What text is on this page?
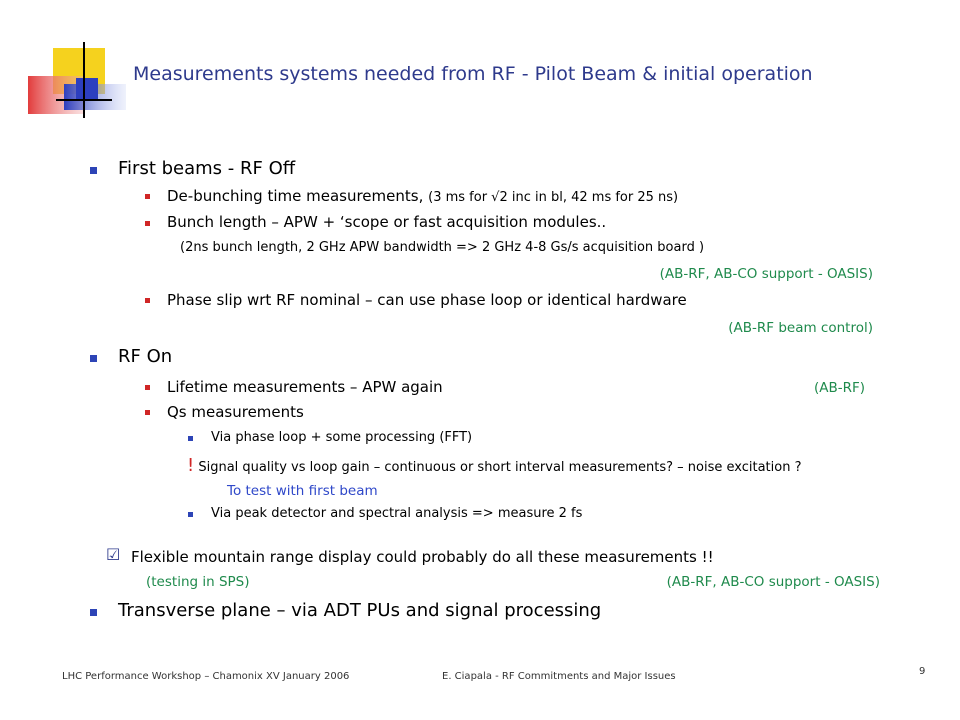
Measurements systems needed from RF - Pilot Beam & initial operation
First beams - RF Off
De-bunching time measurements, (3 ms for √2 inc in bl, 42 ms for 25 ns)
Bunch length – APW + ‘scope or fast acquisition modules..
(2ns bunch length, 2 GHz APW bandwidth => 2 GHz 4-8 Gs/s acquisition board )
(AB-RF, AB-CO support - OASIS)
Phase slip wrt RF nominal – can use phase loop or identical hardware
(AB-RF beam control)
RF On
Lifetime measurements – APW again	(AB-RF)
Qs measurements
Via phase loop + some processing (FFT)
! Signal quality vs loop gain – continuous or short interval measurements? – noise excitation ?
To test with first beam
Via peak detector and spectral analysis => measure 2 fs
☑ Flexible mountain range display could probably do all these measurements !!
(testing in SPS)	(AB-RF, AB-CO support - OASIS)
Transverse plane – via ADT PUs and signal processing
LHC Performance Workshop – Chamonix XV January 2006	E. Ciapala - RF Commitments and Major Issues	9
